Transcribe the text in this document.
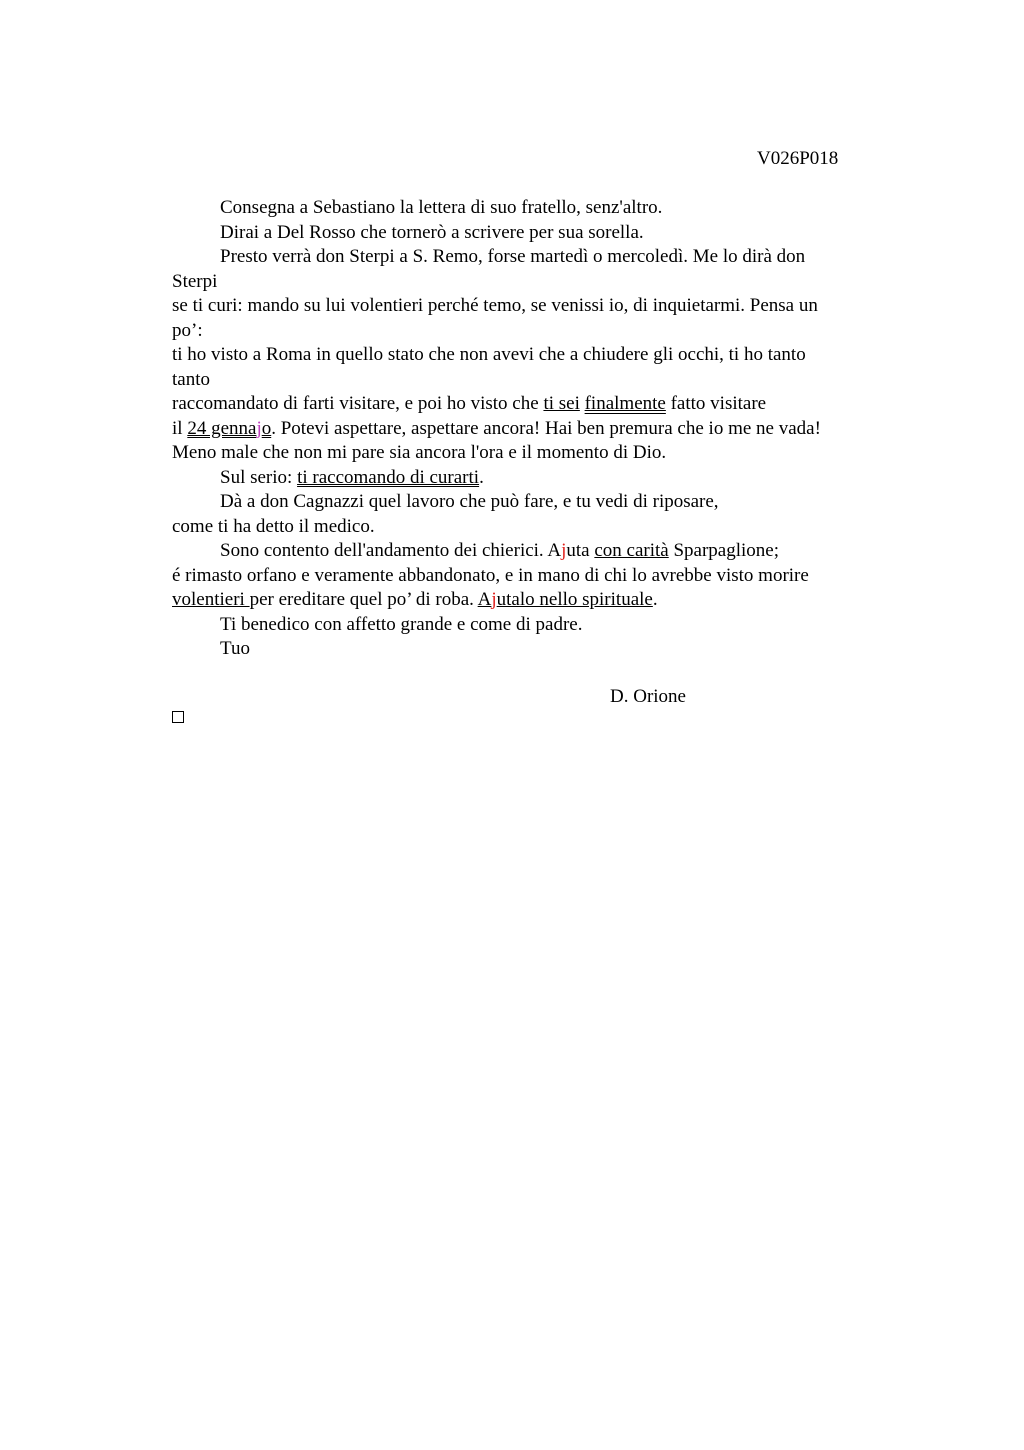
V026P018
Consegna a Sebastiano la lettera di suo fratello, senz'altro.
Dirai a Del Rosso che tornerò a scrivere per sua sorella.
Presto verrà don Sterpi a S. Remo, forse martedì o mercoledì. Me lo dirà don
Sterpi
se ti curi: mando su lui volentieri perché temo, se venissi io, di inquietarmi. Pensa un
po’:
ti ho visto a Roma in quello stato che non avevi che a chiudere gli occhi, ti ho tanto
tanto
raccomandato di farti visitare, e poi ho visto che ti sei finalmente fatto visitare
il 24 gennajo. Potevi aspettare, aspettare ancora! Hai ben premura che io me ne vada!
Meno male che non mi pare sia ancora l'ora e il momento di Dio.
Sul serio: ti raccomando di curarti.
Dà a don Cagnazzi quel lavoro che può fare, e tu vedi di riposare,
come ti ha detto il medico.
Sono contento dell'andamento dei chierici. Ajuta con carità Sparpaglione;
é rimasto orfano e veramente abbandonato, e in mano di chi lo avrebbe visto morire
volentieri per ereditare quel po’ di roba. Ajutalo nello spirituale.
Ti benedico con affetto grande e come di padre.
Tuo
D. Orione
